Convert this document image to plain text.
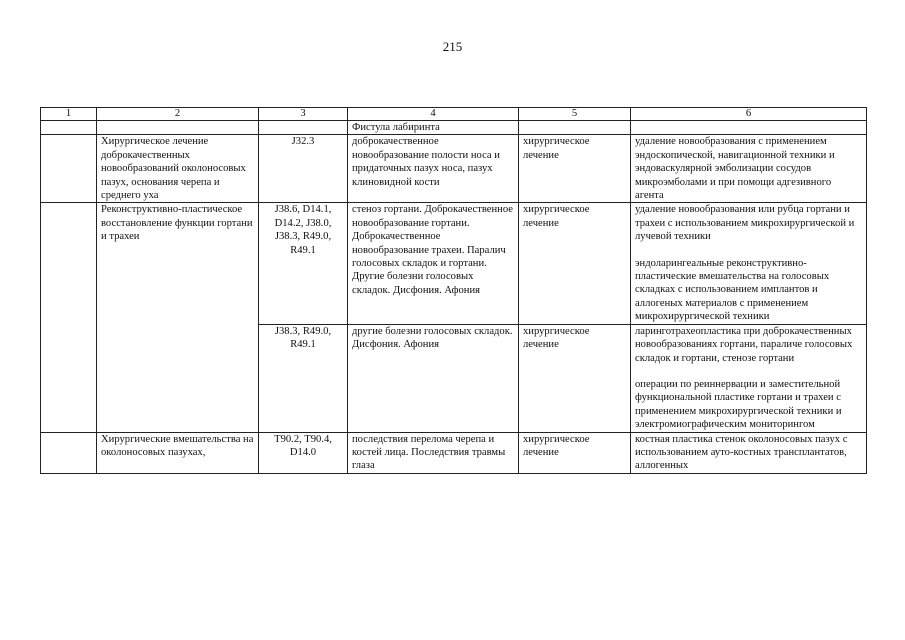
215
1	2	3	4	5	6
			Фистула лабиринта		
	Хирургическое лечение доброкачественных новообразований околоносовых пазух, основания черепа и среднего уха	J32.3	доброкачественное новообразование полости носа и придаточных пазух носа, пазух клиновидной кости	хирургическое лечение	удаление новообразования с применением эндоскопической, навигационной техники и эндоваскулярной эмболизации сосудов микроэмболами и при помощи адгезивного агента
	Реконструктивно-пластическое восстановление функции гортани и трахеи	J38.6, D14.1, D14.2, J38.0, J38.3, R49.0, R49.1	стеноз гортани. Доброкачественное новообразование гортани. Доброкачественное новообразование трахеи. Паралич голосовых складок и гортани. Другие болезни голосовых складок. Дисфония. Афония	хирургическое лечение	удаление новообразования или рубца гортани и трахеи с использованием микрохирургической и лучевой техники
эндоларингеальные реконструктивно-пластические вмешательства на голосовых складках с использованием имплантов и аллогеных материалов с применением микрохирургической техники

		J38.3, R49.0, R49.1	другие болезни голосовых складок. Дисфония. Афония	хирургическое лечение	ларинготрахеопластика при доброкачественных новообразованиях гортани, параличе голосовых складок и гортани, стенозе гортани
операции по реиннервации и заместительной функциональной пластике гортани и трахеи с применением микрохирургической техники и электромиографическим мониторингом

	Хирургические вмешательства на околоносовых пазухах,	T90.2, T90.4, D14.0	последствия перелома черепа и костей лица. Последствия травмы глаза	хирургическое лечение	костная пластика стенок околоносовых пазух с использованием ауто-костных трансплантатов, аллогенных
